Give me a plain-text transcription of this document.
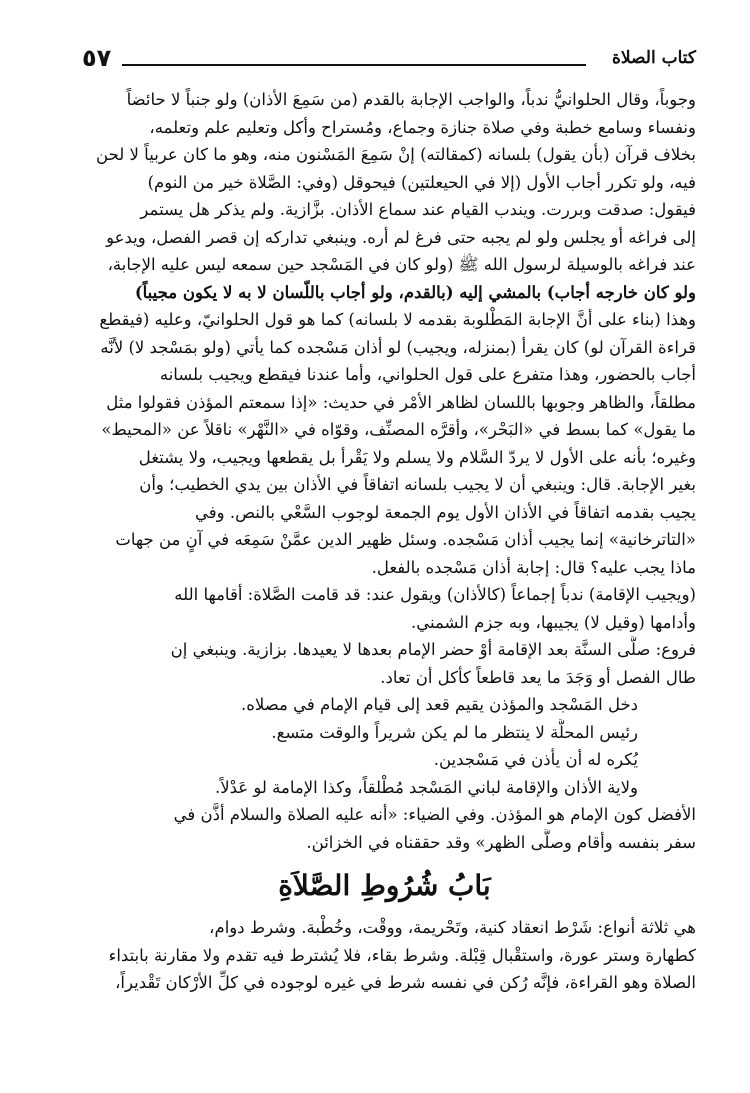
٥٧	كتاب الصلاة

وجوباً، وقال الحلوانيُّ ندباً، والواجب الإجابة بالقدم (من سَمِعَ الأذان) ولو جنباً لا حائضاً
ونفساء وسامع خطبة وفي صلاة جنازة وجماع، ومُستراح وأكل وتعليم علم وتعلمه،
بخلاف قرآن (بأن يقول) بلسانه (كمقالته) إنْ سَمِعَ المَسْنون منه، وهو ما كان عربياً لا لحن
فيه، ولو تكرر أجاب الأول (إلا في الحيعلتين) فيحوقل (وفي: الصَّلاة خير من النوم)
فيقول: صدقت وبررت. ويندب القيام عند سماع الأذان. بزَّازية. ولم يذكر هل يستمر
إلى فراغه أو يجلس ولو لم يجبه حتى فرغ لم أره. وينبغي تداركه إن قصر الفصل، ويدعو
عند فراغه بالوسيلة لرسول الله ﷺ (ولو كان في المَسْجد حين سمعه ليس عليه الإجابة،
ولو كان خارجه أجاب) بالمشي إليه (بالقدم، ولو أجاب باللّسان لا به لا يكون مجيباً)
وهذا (بناء على أنَّ الإجابة المَطْلوبة بقدمه لا بلسانه) كما هو قول الحلوانيّ، وعليه (فيقطع
قراءة القرآن لو) كان يقرأ (بمنزله، ويجيب) لو أذان مَسْجده كما يأتي (ولو بمَسْجد لا) لأنَّه
أجاب بالحضور، وهذا متفرع على قول الحلواني، وأما عندنا فيقطع ويجيب بلسانه
مطلقاً، والظاهر وجوبها باللسان لظاهر الأمْر في حديث: «إذا سمعتم المؤذن فقولوا مثل
ما يقول» كما بسط في «البَحْر»، وأقرَّه المصنِّف، وقوّاه في «النَّهْر» ناقلاً عن «المحيط»
وغيره؛ بأنه على الأول لا يردّ السَّلام ولا يسلم ولا يَقْرأ بل يقطعها ويجيب، ولا يشتغل
بغير الإجابة. قال: وينبغي أن لا يجيب بلسانه اتفاقاً في الأذان بين يدي الخطيب؛ وأن
يجيب بقدمه اتفاقاً في الأذان الأول يوم الجمعة لوجوب السَّعْي بالنص. وفي
«التاترخانية» إنما يجيب أذان مَسْجده. وسئل ظهير الدين عمَّنْ سَمِعَه في آنٍ من جهات
ماذا يجب عليه؟ قال: إجابة أذان مَسْجده بالفعل.

(ويجيب الإقامة) ندباً إجماعاً (كالأذان) ويقول عند: قد قامت الصَّلاة: أقامها الله
وأدامها (وقيل لا) يجيبها، وبه جزم الشمني.

فروع: صلَّى السنَّة بعد الإقامة أوْ حضر الإمام بعدها لا يعيدها. بزازية. وينبغي إن
طال الفصل أو وَجَدَ ما يعد قاطعاً كأكل أن تعاد.

دخل المَسْجد والمؤذن يقيم قعد إلى قيام الإمام في مصلاه.
رئيس المحلَّة لا ينتظر ما لم يكن شريراً والوقت متسع.
يُكره له أن يأذن في مَسْجدين.
ولاية الأذان والإقامة لباني المَسْجد مُطْلقاً، وكذا الإمامة لو عَدْلاً.

الأفضل كون الإمام هو المؤذن. وفي الضياء: «أنه عليه الصلاة والسلام أذَّن في
سفر بنفسه وأقام وصلَّى الظهر» وقد حققناه في الخزائن.

بَابُ شُرُوطِ الصَّلاَةِ

هي ثلاثة أنواع: شَرْط انعقاد كنية، وتَحْريمة، ووقْت، وخُطْبة. وشرط دوام،
كطهارة وستر عورة، واستقْبال قِبْلة. وشرط بقاء، فلا يُشترط فيه تقدم ولا مقارنة بابتداء
الصلاة وهو القراءة، فإنَّه رُكن في نفسه شرط في غيره لوجوده في كلِّ الأرْكان تَقْديراً،
